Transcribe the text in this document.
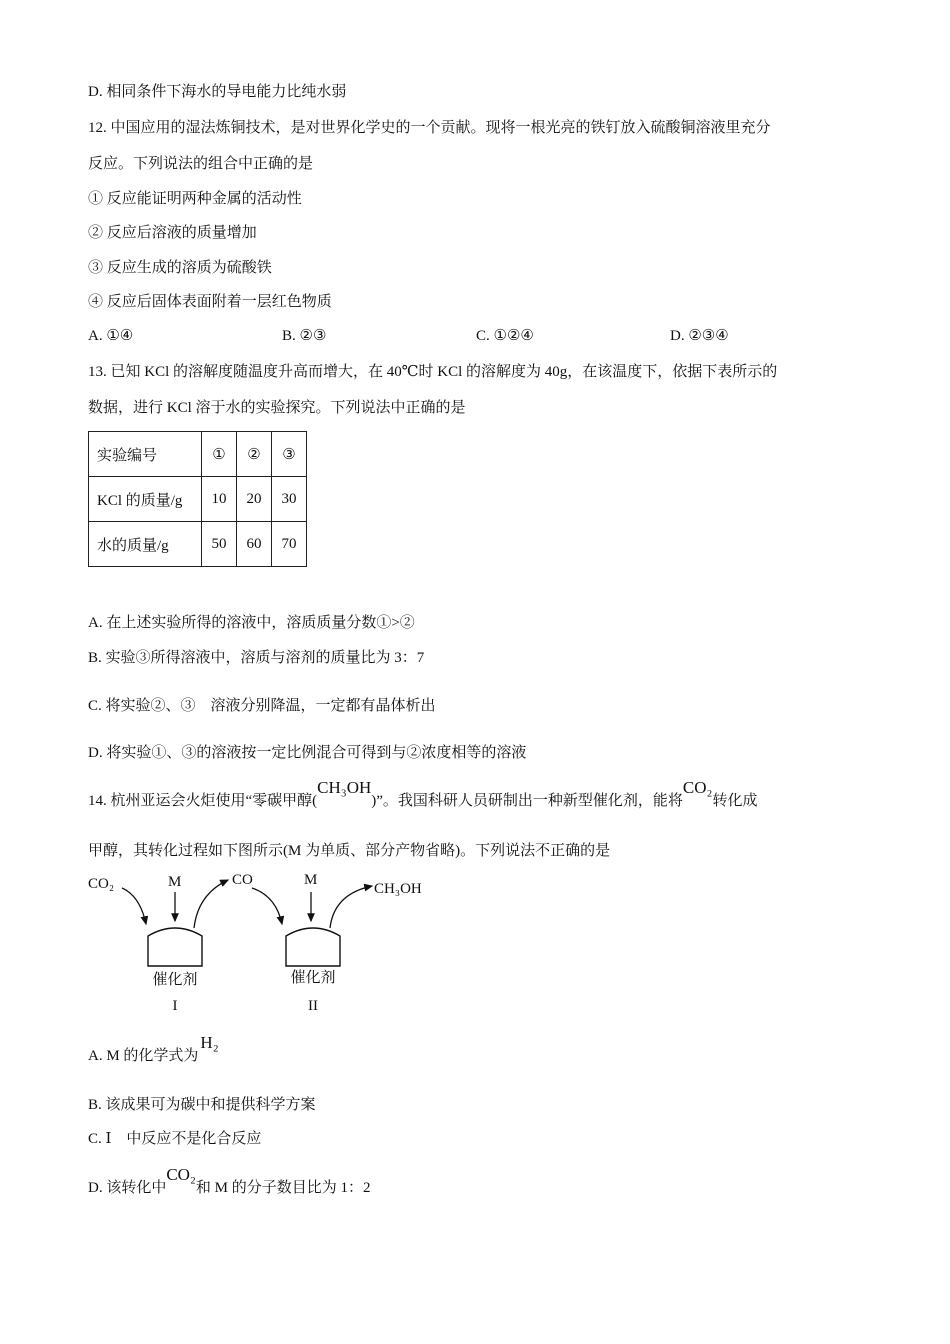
D. 相同条件下海水的导电能力比纯水弱
12. 中国应用的湿法炼铜技术，是对世界化学史的一个贡献。现将一根光亮的铁钉放入硫酸铜溶液里充分
反应。下列说法的组合中正确的是
① 反应能证明两种金属的活动性
② 反应后溶液的质量增加
③ 反应生成的溶质为硫酸铁
④ 反应后固体表面附着一层红色物质
A. ①④	B. ②③	C. ①②④	D. ②③④
13. 已知 KCl 的溶解度随温度升高而增大，在 40℃时 KCl 的溶解度为 40g，在该温度下，依据下表所示的
数据，进行 KCl 溶于水的实验探究。下列说法中正确的是
实验编号	①	②	③
KCl 的质量/g	10	20	30
水的质量/g	50	60	70
A. 在上述实验所得的溶液中，溶质质量分数①>②
B. 实验③所得溶液中，溶质与溶剂的质量比为 3：7
C. 将实验②、③　溶液分别降温，一定都有晶体析出
D. 将实验①、③的溶液按一定比例混合可得到与②浓度相等的溶液
14. 杭州亚运会火炬使用“零碳甲醇(CH₃OH)”。我国科研人员研制出一种新型催化剂，能将CO₂转化成
甲醇，其转化过程如下图所示(M 为单质、部分产物省略)。下列说法不正确的是
CO₂	M	CO	M
CH₃OH
催化剂	催化剂
I	II
A. M 的化学式为H₂
B. 该成果可为碳中和提供科学方案
C. Ⅰ　中反应不是化合反应
D. 该转化中CO₂和 M 的分子数目比为 1：2
